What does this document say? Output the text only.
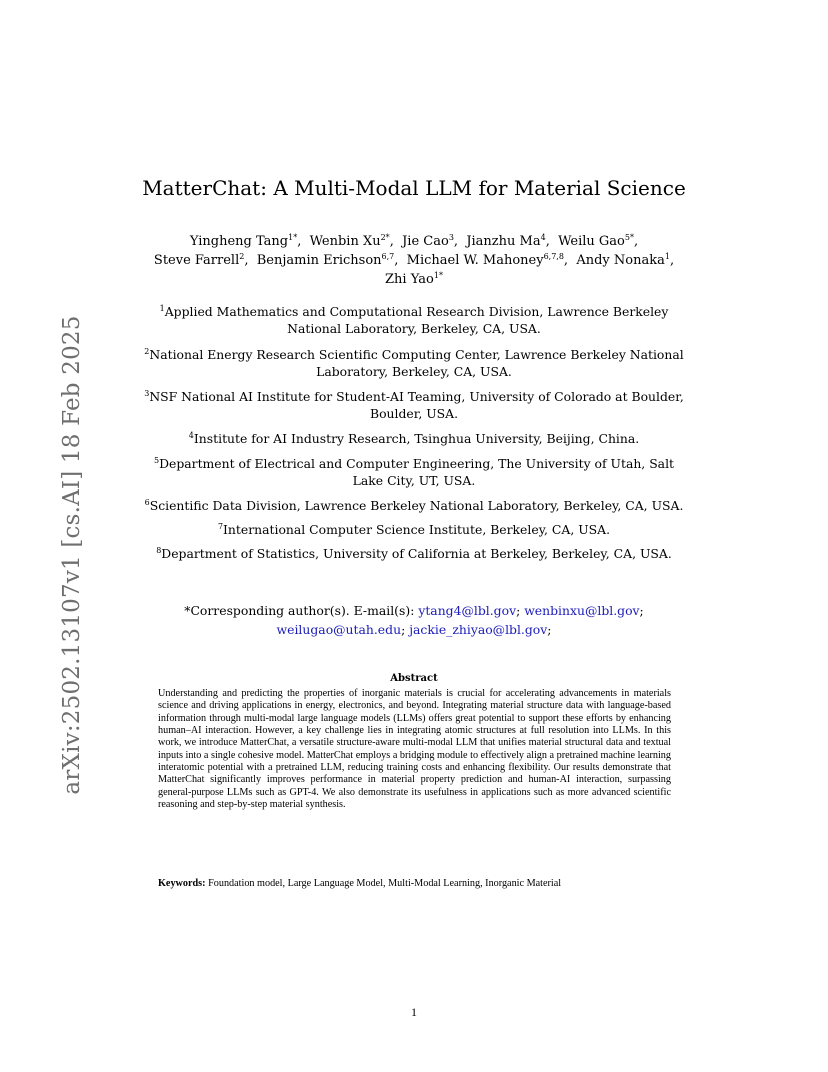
arXiv:2502.13107v1 [cs.AI] 18 Feb 2025
MatterChat: A Multi-Modal LLM for Material Science
Yingheng Tang$^{1*}$,  Wenbin $Xu^{2*}$,  Jie Cao$^3$,  Jianzhu Ma$^4$,  Weilu Gao$^{5*}$,
Steve Farrell$^2$,  Benjamin Erichson$^{6,7}$,  Michael W. Mahoney$^{6,7,8}$,  Andy Nonaka$^1$,
Zhi Yao$^{1*}$
$^1$Applied Mathematics and Computational Research Division, Lawrence Berkeley National Laboratory, Berkeley, CA, USA.
$^2$National Energy Research Scientific Computing Center, Lawrence Berkeley National Laboratory, Berkeley, CA, USA.
$^3$NSF National AI Institute for Student-AI Teaming, University of Colorado at Boulder, Boulder, USA.
$^4$Institute for AI Industry Research, Tsinghua University, Beijing, China.
$^5$Department of Electrical and Computer Engineering, The University of Utah, Salt Lake City, UT, USA.
$^6$Scientific Data Division, Lawrence Berkeley National Laboratory, Berkeley, CA, USA.
$^7$International Computer Science Institute, Berkeley, CA, USA.
$^8$Department of Statistics, University of California at Berkeley, Berkeley, CA, USA.
*Corresponding author(s). E-mail(s): ytang4@lbl.gov; wenbinxu@lbl.gov;
weilugao@utah.edu; jackie_zhiyao@lbl.gov;
Abstract
Understanding and predicting the properties of inorganic materials is crucial for accelerating advancements in materials science and driving applications in energy, electronics, and beyond. Integrating material structure data with language-based information through multi-modal large language models (LLMs) offers great potential to support these efforts by enhancing human–AI interaction. However, a key challenge lies in integrating atomic structures at full resolution into LLMs. In this work, we introduce MatterChat, a versatile structure-aware multi-modal LLM that unifies material structural data and textual inputs into a single cohesive model. MatterChat employs a bridging module to effectively align a pretrained machine learning interatomic potential with a pretrained LLM, reducing training costs and enhancing flexibility. Our results demonstrate that MatterChat significantly improves performance in material property prediction and human-AI interaction, surpassing general-purpose LLMs such as GPT-4. We also demonstrate its usefulness in applications such as more advanced scientific reasoning and step-by-step material synthesis.
Keywords: Foundation model, Large Language Model, Multi-Modal Learning, Inorganic Material
1
